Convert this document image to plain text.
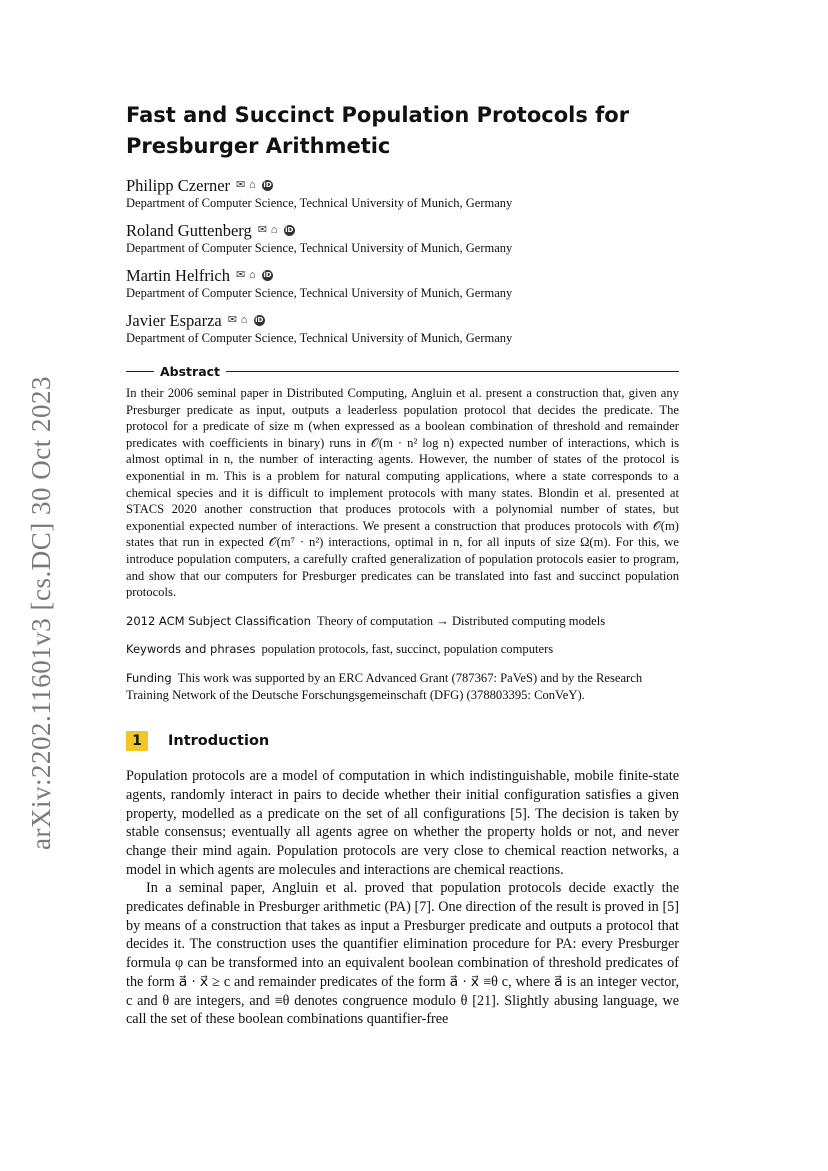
arXiv:2202.11601v3 [cs.DC] 30 Oct 2023
Fast and Succinct Population Protocols for Presburger Arithmetic
Philipp Czerner ✉ ⌂	iD
Department of Computer Science, Technical University of Munich, Germany
Roland Guttenberg ✉ ⌂	iD
Department of Computer Science, Technical University of Munich, Germany
Martin Helfrich ✉ ⌂	iD
Department of Computer Science, Technical University of Munich, Germany
Javier Esparza ✉ ⌂	iD
Department of Computer Science, Technical University of Munich, Germany
Abstract

In their 2006 seminal paper in Distributed Computing, Angluin et al. present a construction that, given any Presburger predicate as input, outputs a leaderless population protocol that decides the predicate. The protocol for a predicate of size m (when expressed as a boolean combination of threshold and remainder predicates with coefficients in binary) runs in 𝒪(m · n² log n) expected number of interactions, which is almost optimal in n, the number of interacting agents. However, the number of states of the protocol is exponential in m. This is a problem for natural computing applications, where a state corresponds to a chemical species and it is difficult to implement protocols with many states. Blondin et al. presented at STACS 2020 another construction that produces protocols with a polynomial number of states, but exponential expected number of interactions. We present a construction that produces protocols with 𝒪(m) states that run in expected 𝒪(m⁷ · n²) interactions, optimal in n, for all inputs of size Ω(m). For this, we introduce population computers, a carefully crafted generalization of population protocols easier to program, and show that our computers for Presburger predicates can be translated into fast and succinct population protocols.

2012 ACM Subject Classification Theory of computation → Distributed computing models
Keywords and phrases population protocols, fast, succinct, population computers
Funding This work was supported by an ERC Advanced Grant (787367: PaVeS) and by the Research Training Network of the Deutsche Forschungsgemeinschaft (DFG) (378803395: ConVeY).
1	Introduction

Population protocols are a model of computation in which indistinguishable, mobile finite-state agents, randomly interact in pairs to decide whether their initial configuration satisfies a given property, modelled as a predicate on the set of all configurations [5]. The decision is taken by stable consensus; eventually all agents agree on whether the property holds or not, and never change their mind again. Population protocols are very close to chemical reaction networks, a model in which agents are molecules and interactions are chemical reactions.

In a seminal paper, Angluin et al. proved that population protocols decide exactly the predicates definable in Presburger arithmetic (PA) [7]. One direction of the result is proved in [5] by means of a construction that takes as input a Presburger predicate and outputs a protocol that decides it. The construction uses the quantifier elimination procedure for PA: every Presburger formula φ can be transformed into an equivalent boolean combination of threshold predicates of the form a⃗ · x⃗ ≥ c and remainder predicates of the form a⃗ · x⃗ ≡θ c, where a⃗ is an integer vector, c and θ are integers, and ≡θ denotes congruence modulo θ [21]. Slightly abusing language, we call the set of these boolean combinations quantifier-free
